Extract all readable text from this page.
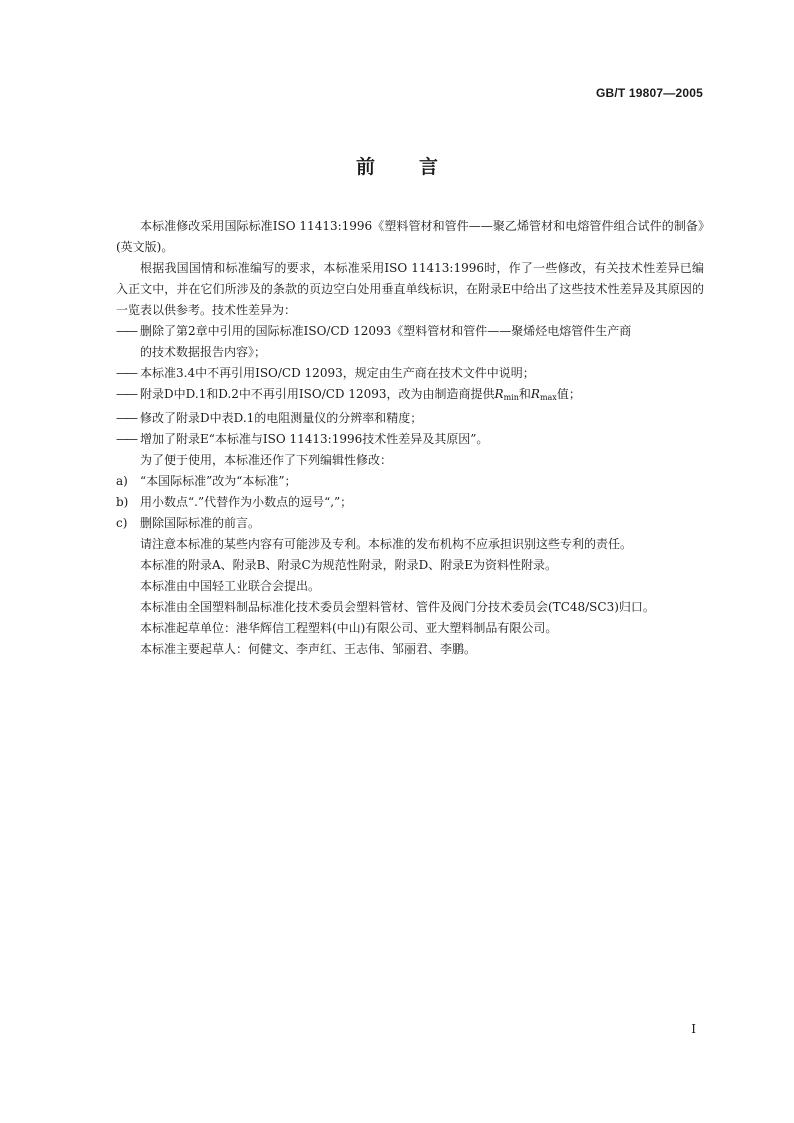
GB/T 19807—2005
前言

本标准修改采用国际标准ISO 11413:1996《塑料管材和管件——聚乙烯管材和电熔管件组合试件的制备》(英文版)。

根据我国国情和标准编写的要求，本标准采用ISO 11413:1996时，作了一些修改，有关技术性差异已编入正文中，并在它们所涉及的条款的页边空白处用垂直单线标识，在附录E中给出了这些技术性差异及其原因的一览表以供参考。技术性差异为：

—— 删除了第2章中引用的国际标准ISO/CD 12093《塑料管材和管件——聚烯烃电熔管件生产商
的技术数据报告内容》；
—— 本标准3.4中不再引用ISO/CD 12093，规定由生产商在技术文件中说明；
—— 附录D中D.1和D.2中不再引用ISO/CD 12093，改为由制造商提供$R_{min}$和$R_{max}$值；
—— 修改了附录D中表D.1的电阻测量仪的分辨率和精度；
—— 增加了附录E“本标准与ISO 11413:1996技术性差异及其原因”。

为了便于使用，本标准还作了下列编辑性修改：

a) “本国际标准”改为“本标准”；
b) 用小数点“.”代替作为小数点的逗号“,”；
c) 删除国际标准的前言。

请注意本标准的某些内容有可能涉及专利。本标准的发布机构不应承担识别这些专利的责任。

本标准的附录A、附录B、附录C为规范性附录，附录D、附录E为资料性附录。

本标准由中国轻工业联合会提出。

本标准由全国塑料制品标准化技术委员会塑料管材、管件及阀门分技术委员会(TC48/SC3)归口。

本标准起草单位：港华辉信工程塑料(中山)有限公司、亚大塑料制品有限公司。

本标准主要起草人：何健文、李声红、王志伟、邹丽君、李鹏。

I
